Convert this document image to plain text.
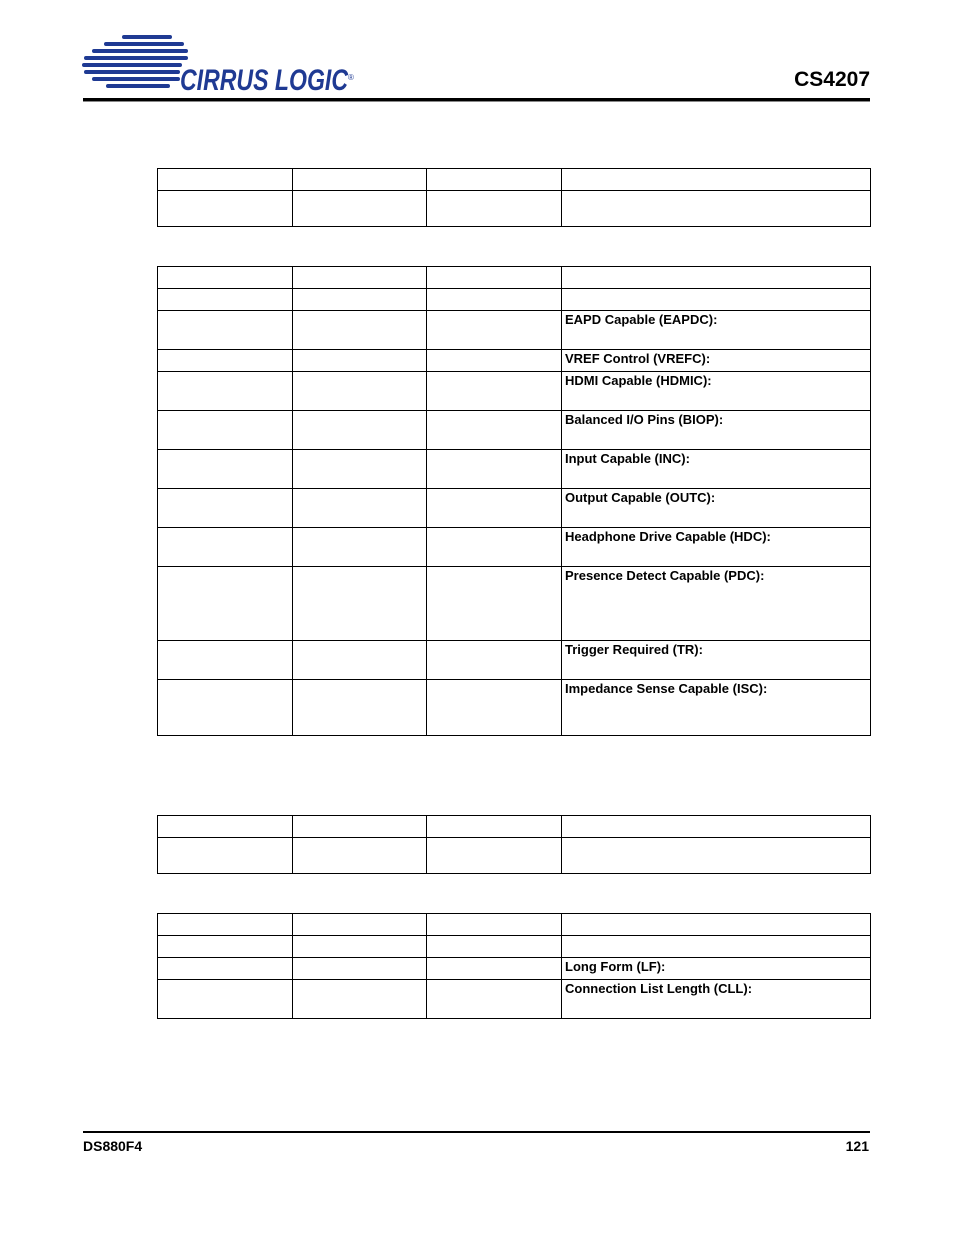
CIRRUS LOGIC
®	CS4207

			EAPD Capable (EAPDC):

			VREF Control (VREFC):

			HDMI Capable (HDMIC):

			Balanced I/O Pins (BIOP):

			Input Capable (INC):

			Output Capable (OUTC):

			Headphone Drive Capable (HDC):

			Presence Detect Capable (PDC):

			Trigger Required (TR):

			Impedance Sense Capable (ISC):

			Long Form (LF):

			Connection List Length (CLL):
DS880F4	121
